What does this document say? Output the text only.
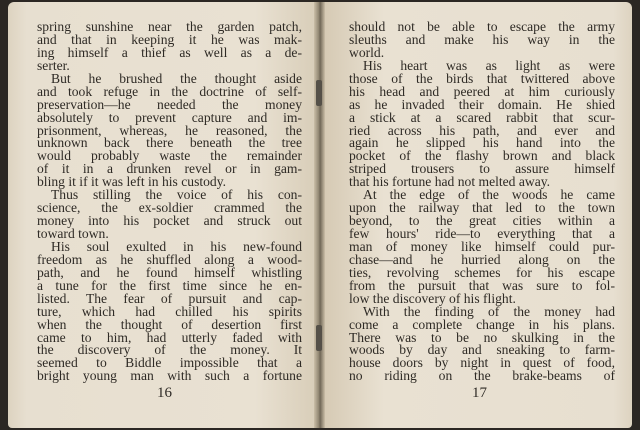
spring sunshine near the garden patch,
and that in keeping it he was mak-
ing himself a thief as well as a de-
serter.
But he brushed the thought aside
and took refuge in the doctrine of self-
preservation—he needed the money
absolutely to prevent capture and im-
prisonment, whereas, he reasoned, the
unknown back there beneath the tree
would probably waste the remainder
of it in a drunken revel or in gam-
bling it if it was left in his custody.
Thus stilling the voice of his con-
science, the ex-soldier crammed the
money into his pocket and struck out
toward town.
His soul exulted in his new-found
freedom as he shuffled along a wood-
path, and he found himself whistling
a tune for the first time since he en-
listed. The fear of pursuit and cap-
ture, which had chilled his spirits
when the thought of desertion first
came to him, had utterly faded with
the discovery of the money. It
seemed to Biddle impossible that a
bright young man with such a fortune
should not be able to escape the army
sleuths and make his way in the
world.
His heart was as light as were
those of the birds that twittered above
his head and peered at him curiously
as he invaded their domain. He shied
a stick at a scared rabbit that scur-
ried across his path, and ever and
again he slipped his hand into the
pocket of the flashy brown and black
striped trousers to assure himself
that his fortune had not melted away.
At the edge of the woods he came
upon the railway that led to the town
beyond, to the great cities within a
few hours' ride—to everything that a
man of money like himself could pur-
chase—and he hurried along on the
ties, revolving schemes for his escape
from the pursuit that was sure to fol-
low the discovery of his flight.
With the finding of the money had
come a complete change in his plans.
There was to be no skulking in the
woods by day and sneaking to farm-
house doors by night in quest of food,
no riding on the brake-beams of
16	17
